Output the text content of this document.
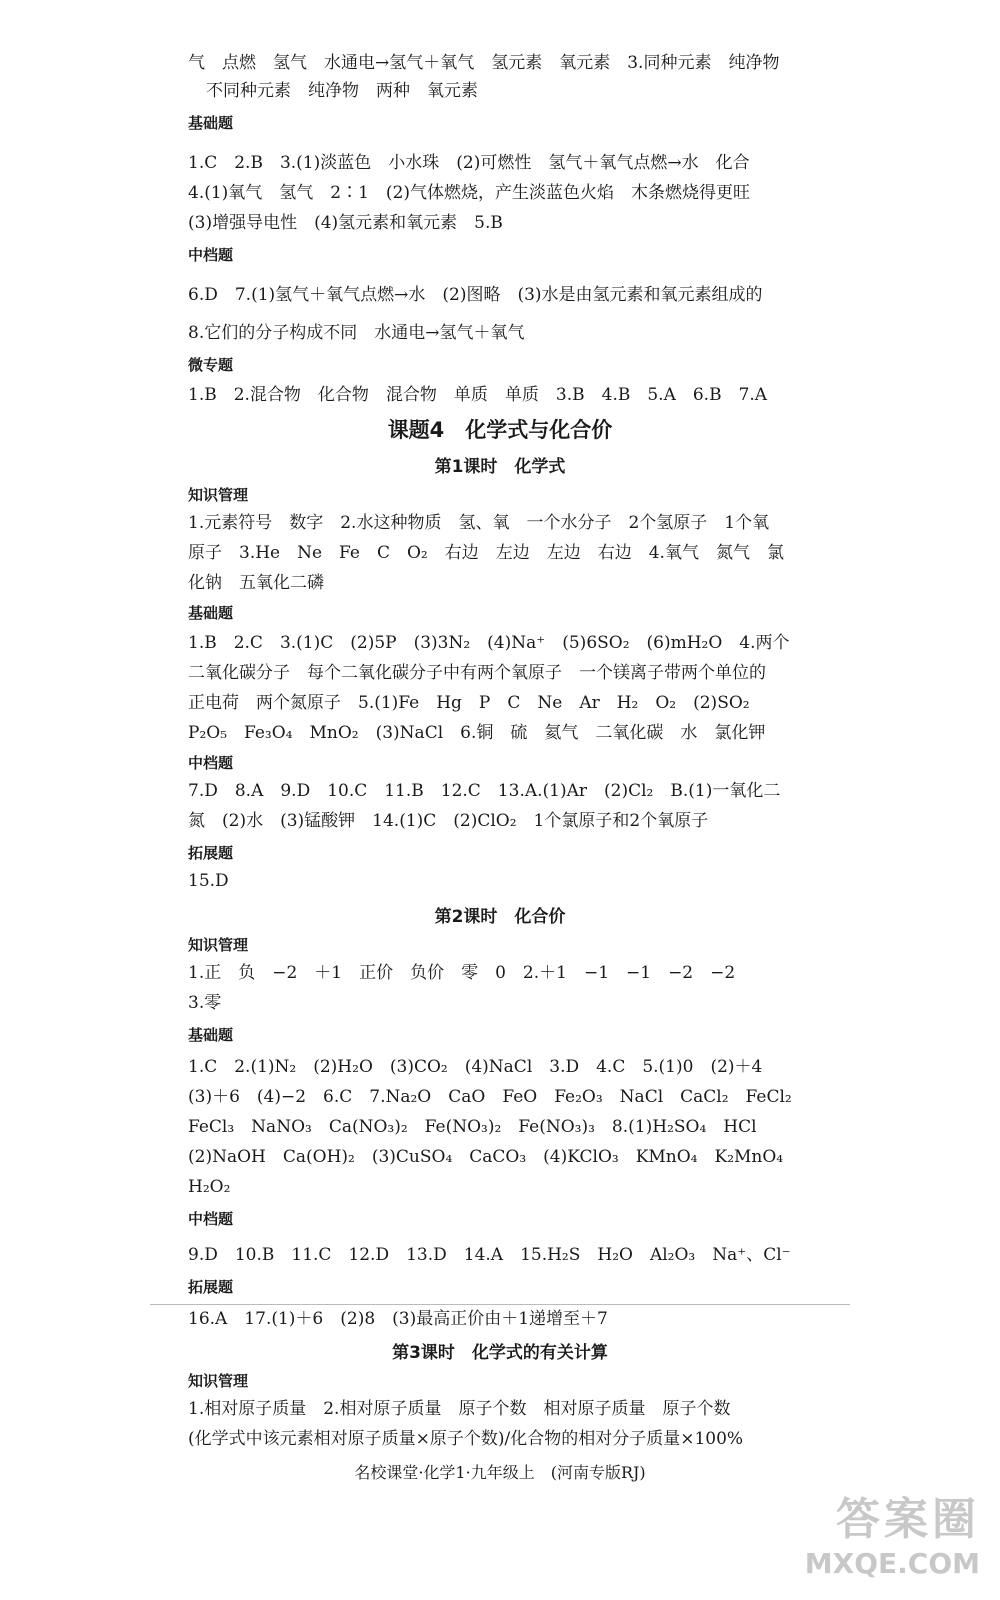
气　点燃　氢气　水通电→氢气＋氧气　氢元素　氧元素　3.同种元素　纯净物
不同种元素　纯净物　两种　氧元素
基础题
1.C　2.B　3.(1)淡蓝色　小水珠　(2)可燃性　氢气＋氧气点燃→水　化合
4.(1)氧气　氢气　2∶1　(2)气体燃烧，产生淡蓝色火焰　木条燃烧得更旺
(3)增强导电性　(4)氢元素和氧元素　5.B
中档题
6.D　7.(1)氢气＋氧气点燃→水　(2)图略　(3)水是由氢元素和氧元素组成的
8.它们的分子构成不同　水通电→氢气＋氧气
微专题
1.B　2.混合物　化合物　混合物　单质　单质　3.B　4.B　5.A　6.B　7.A
课题4　化学式与化合价
第1课时　化学式
知识管理
1.元素符号　数字　2.水这种物质　氢、氧　一个水分子　2个氢原子　1个氧
原子　3.He　Ne　Fe　C　O₂　右边　左边　左边　右边　4.氧气　氮气　氯
化钠　五氧化二磷
基础题
1.B　2.C　3.(1)C　(2)5P　(3)3N₂　(4)Na⁺　(5)6SO₂　(6)mH₂O　4.两个
二氧化碳分子　每个二氧化碳分子中有两个氧原子　一个镁离子带两个单位的
正电荷　两个氮原子　5.(1)Fe　Hg　P　C　Ne　Ar　H₂　O₂　(2)SO₂
P₂O₅　Fe₃O₄　MnO₂　(3)NaCl　6.铜　硫　氦气　二氧化碳　水　氯化钾
中档题
7.D　8.A　9.D　10.C　11.B　12.C　13.A.(1)Ar　(2)Cl₂　B.(1)一氧化二
氮　(2)水　(3)锰酸钾　14.(1)C　(2)ClO₂　1个氯原子和2个氧原子
拓展题
15.D
第2课时　化合价
知识管理
1.正　负　−2　＋1　正价　负价　零　0　2.＋1　−1　−1　−2　−2
3.零
基础题
1.C　2.(1)N₂　(2)H₂O　(3)CO₂　(4)NaCl　3.D　4.C　5.(1)0　(2)＋4
(3)＋6　(4)−2　6.C　7.Na₂O　CaO　FeO　Fe₂O₃　NaCl　CaCl₂　FeCl₂
FeCl₃　NaNO₃　Ca(NO₃)₂　Fe(NO₃)₂　Fe(NO₃)₃　8.(1)H₂SO₄　HCl
(2)NaOH　Ca(OH)₂　(3)CuSO₄　CaCO₃　(4)KClO₃　KMnO₄　K₂MnO₄
H₂O₂
中档题
9.D　10.B　11.C　12.D　13.D　14.A　15.H₂S　H₂O　Al₂O₃　Na⁺、Cl⁻
拓展题
16.A　17.(1)＋6　(2)8　(3)最高正价由＋1递增至＋7
第3课时　化学式的有关计算
知识管理
1.相对原子质量　2.相对原子质量　原子个数　相对原子质量　原子个数
(化学式中该元素相对原子质量×原子个数)/化合物的相对分子质量×100%
名校课堂·化学1·九年级上　(河南专版RJ)
答案圈
MXQE.COM
